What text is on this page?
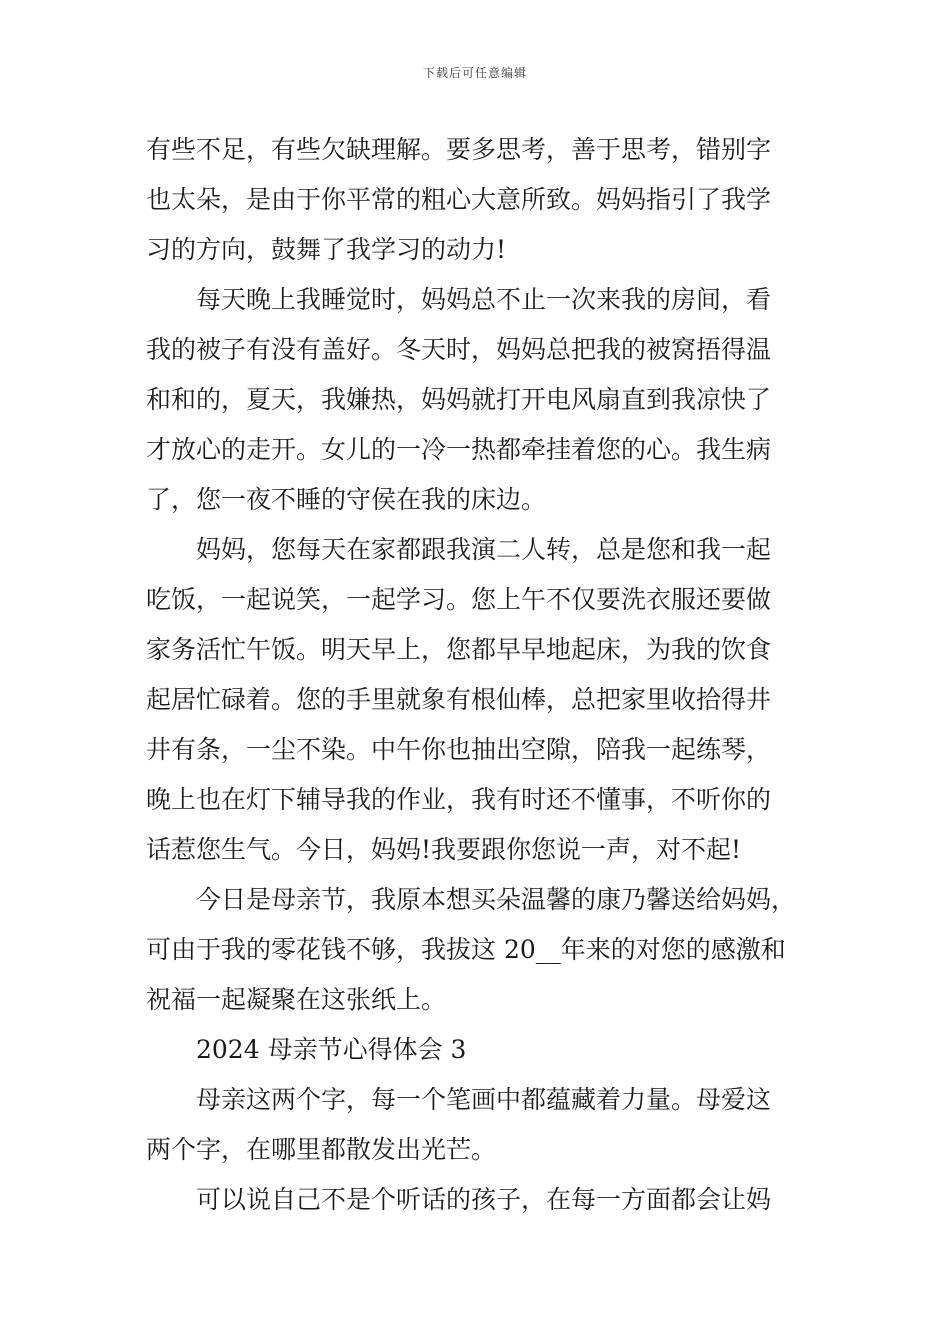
下载后可任意编辑
有些不足，有些欠缺理解。要多思考，善于思考，错别字
也太朵，是由于你平常的粗心大意所致。妈妈指引了我学
习的方向，鼓舞了我学习的动力!
每天晚上我睡觉时，妈妈总不止一次来我的房间，看
我的被子有没有盖好。冬天时，妈妈总把我的被窝捂得温
和和的，夏天，我嫌热，妈妈就打开电风扇直到我凉快了
才放心的走开。女儿的一冷一热都牵挂着您的心。我生病
了，您一夜不睡的守侯在我的床边。
妈妈，您每天在家都跟我演二人转，总是您和我一起
吃饭，一起说笑，一起学习。您上午不仅要洗衣服还要做
家务活忙午饭。明天早上，您都早早地起床，为我的饮食
起居忙碌着。您的手里就象有根仙棒，总把家里收拾得井
井有条，一尘不染。中午你也抽出空隙，陪我一起练琴，
晚上也在灯下辅导我的作业，我有时还不懂事，不听你的
话惹您生气。今日，妈妈!我要跟你您说一声，对不起!
今日是母亲节，我原本想买朵温馨的康乃馨送给妈妈，
可由于我的零花钱不够，我拔这 20__年来的对您的感激和
祝福一起凝聚在这张纸上。
2024 母亲节心得体会 3
母亲这两个字，每一个笔画中都蕴藏着力量。母爱这
两个字，在哪里都散发出光芒。
可以说自己不是个听话的孩子，在每一方面都会让妈
